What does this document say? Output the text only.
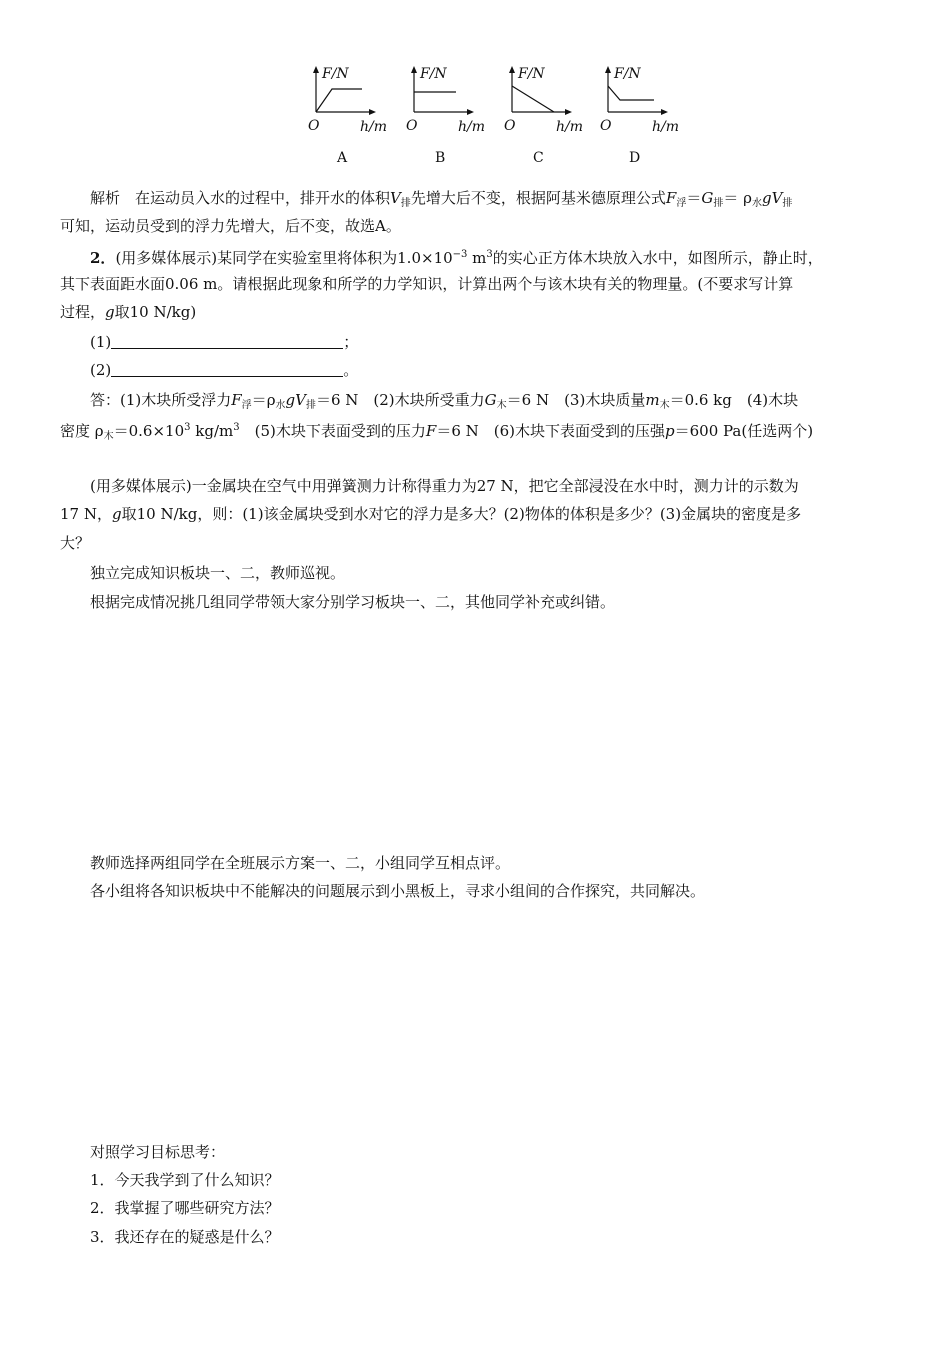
F/N
O	h/m
A
F/N
O	h/m
B
F/N
O	h/m
C
F/N
O	h/m
D
解析　 在运动员入水的过程中，排开水的体积$V_排$先增大后不变，根据阿基米德原理公式$F_浮=G_排= \rho_水gV_排$
可知，运动员受到的浮力先增大，后不变，故选A。
2．(用多媒体展示)某同学在实验室里将体积为$1.0\times 10^{-3}$ $m^3$的实心正方体木块放入水中，如图所示，静止时，
其下表面距水面0.06 m。请根据此现象和所学的力学知识，计算出两个与该木块有关的物理量。(不要求写计算
过程，g取10 N/kg)
(1)	；
(2)	。
答：(1)木块所受浮力$F_浮=\rho_水gV_排=6$ N　(2)木块所受重力$G_木=6$ N　(3)木块质量$m_木=0.6$ kg　(4)木块
密度 $\rho_木=0.6\times 10^3$ $kg/m^3$　(5)木块下表面受到的压力F＝6 N　(6)木块下表面受到的压强p＝600 Pa(任选两个)
(用多媒体展示)一金属块在空气中用弹簧测力计称得重力为27 N，把它全部浸没在水中时，测力计的示数为
17 N，g取10 N/kg，则：(1)该金属块受到水对它的浮力是多大？(2)物体的体积是多少？(3)金属块的密度是多
大？
独立完成知识板块一、二，教师巡视。
根据完成情况挑几组同学带领大家分别学习板块一、二，其他同学补充或纠错。
教师选择两组同学在全班展示方案一、二，小组同学互相点评。
各小组将各知识板块中不能解决的问题展示到小黑板上，寻求小组间的合作探究，共同解决。
对照学习目标思考：
1．今天我学到了什么知识？
2．我掌握了哪些研究方法？
3．我还存在的疑惑是什么？
